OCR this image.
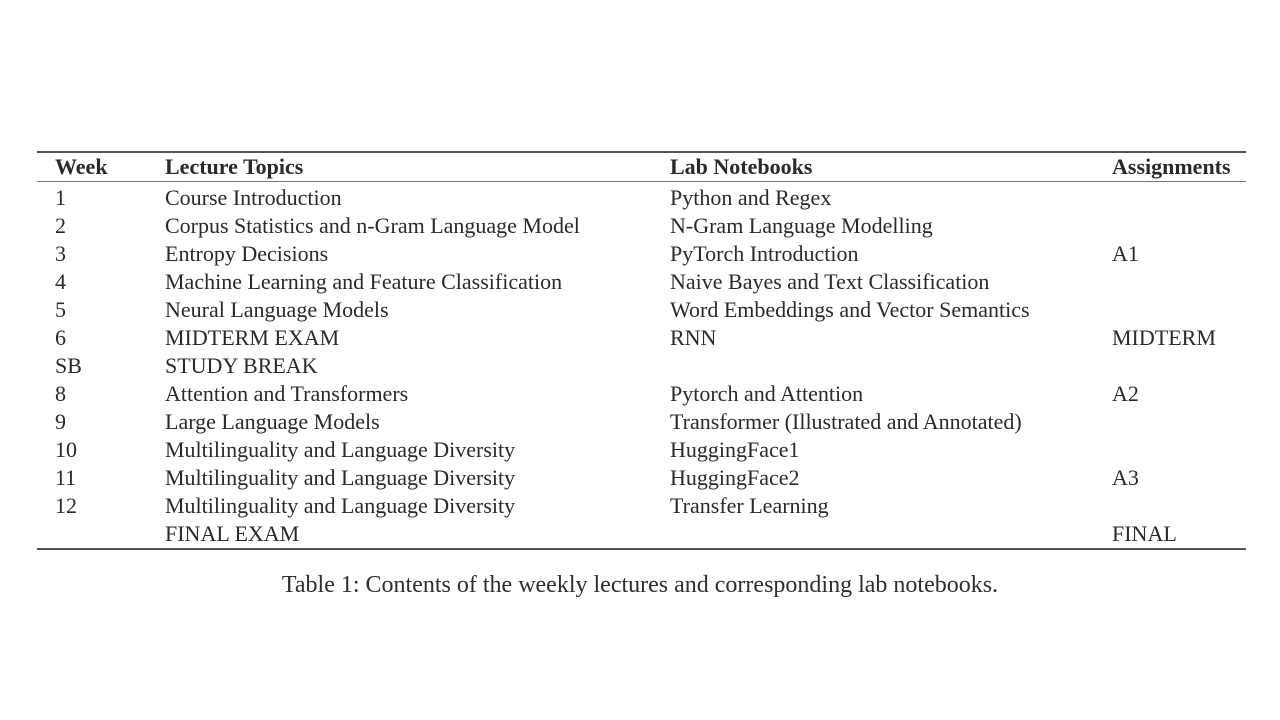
Week	Lecture Topics	Lab Notebooks	Assignments
1	Course Introduction	Python and Regex	
2	Corpus Statistics and n-Gram Language Model	N-Gram Language Modelling	
3	Entropy Decisions	PyTorch Introduction	A1
4	Machine Learning and Feature Classification	Naive Bayes and Text Classification	
5	Neural Language Models	Word Embeddings and Vector Semantics	
6	MIDTERM EXAM	RNN	MIDTERM
SB	STUDY BREAK		
8	Attention and Transformers	Pytorch and Attention	A2
9	Large Language Models	Transformer (Illustrated and Annotated)	
10	Multilinguality and Language Diversity	HuggingFace1	
11	Multilinguality and Language Diversity	HuggingFace2	A3
12	Multilinguality and Language Diversity	Transfer Learning	
	FINAL EXAM		FINAL
Table 1: Contents of the weekly lectures and corresponding lab notebooks.
